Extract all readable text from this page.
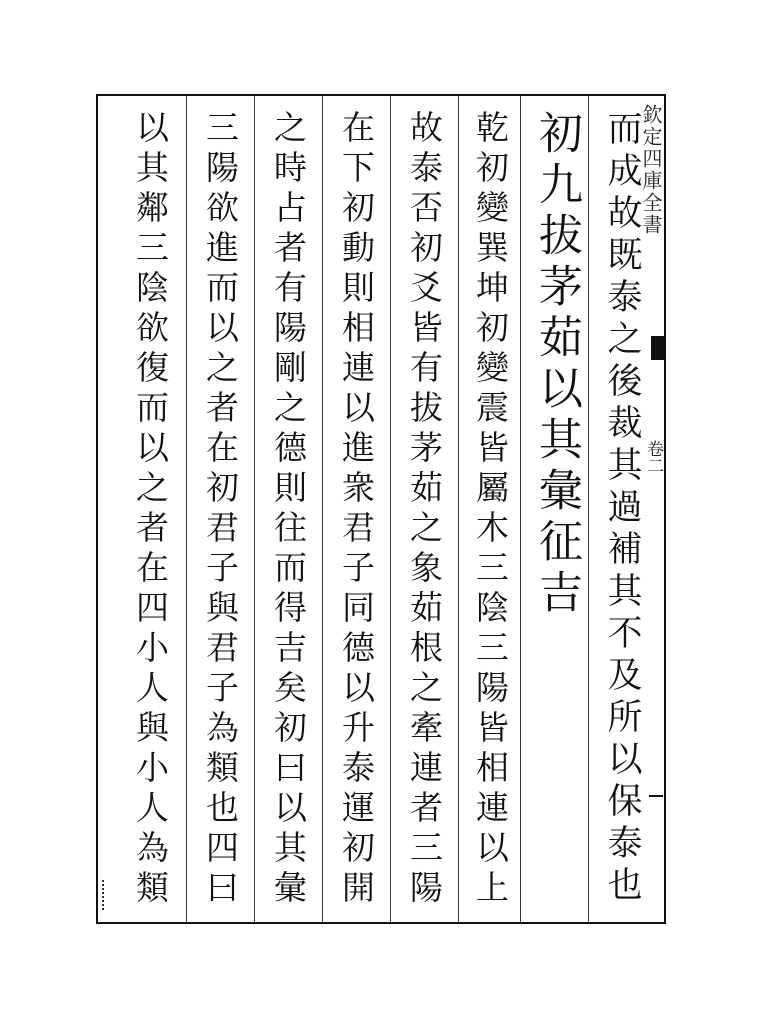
欽定四庫全書
卷二
而成故既泰之後裁其過補其不及所以保泰也
初九拔茅茹以其彙征吉
乾初變巽坤初變震皆屬木三陰三陽皆相連以上
故泰否初爻皆有拔茅茹之象茹根之牽連者三陽
在下初動則相連以進衆君子同德以升泰運初開
之時占者有陽剛之德則往而得吉矣初曰以其彙
三陽欲進而以之者在初君子與君子為類也四曰
以其鄰三陰欲復而以之者在四小人與小人為類
